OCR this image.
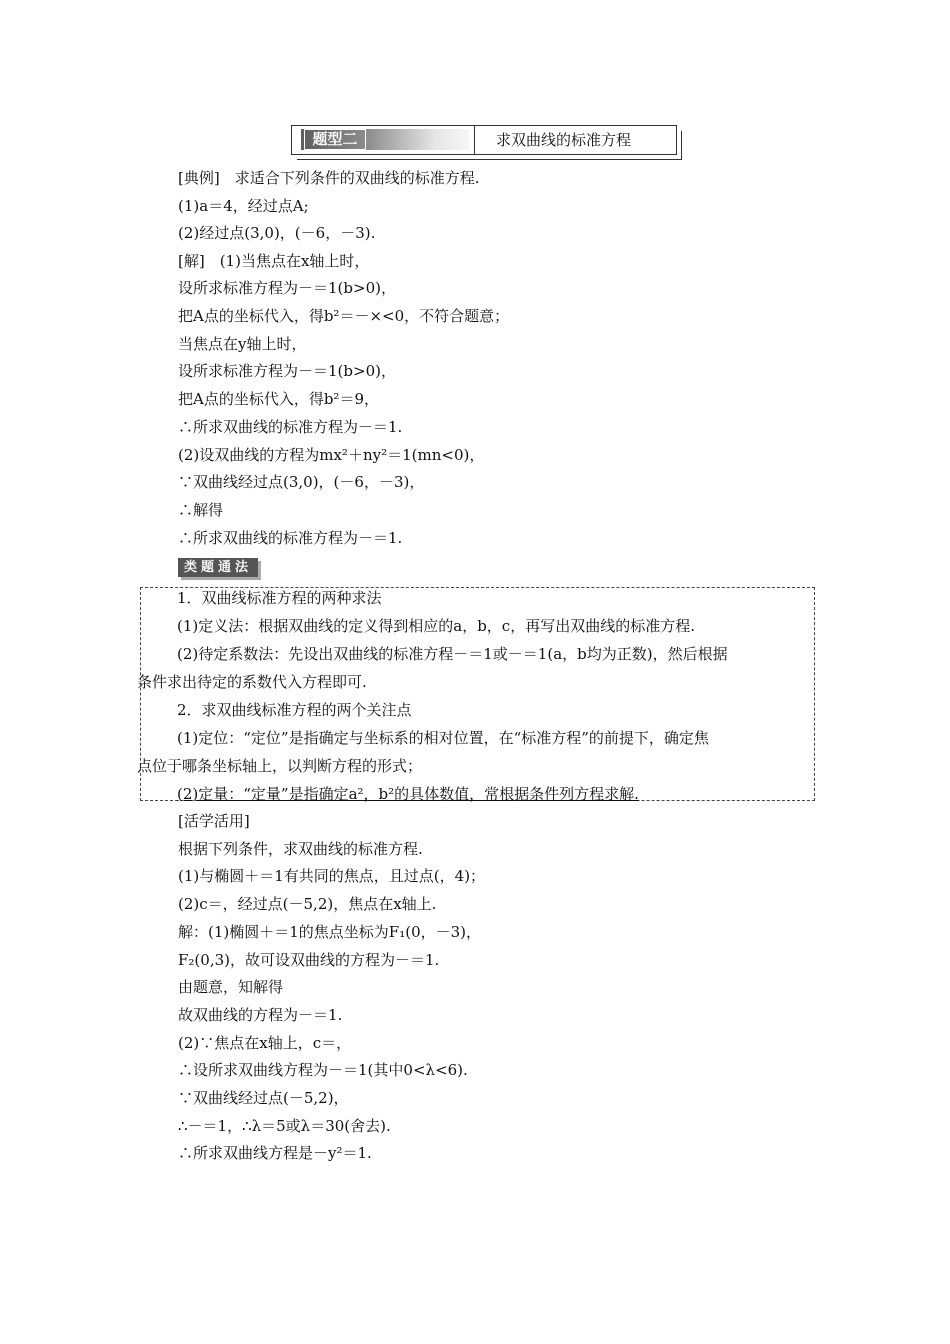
题型二	求双曲线的标准方程
[典例]　求适合下列条件的双曲线的标准方程.
(1)a＝4，经过点A;
(2)经过点(3,0)，(－6，－3).
[解]　(1)当焦点在x轴上时，
设所求标准方程为－＝1(b>0)，
把A点的坐标代入，得b²＝－×<0，不符合题意；
当焦点在y轴上时，
设所求标准方程为－＝1(b>0)，
把A点的坐标代入，得b²＝9，
∴所求双曲线的标准方程为－＝1.
(2)设双曲线的方程为mx²＋ny²＝1(mn<0)，
∵双曲线经过点(3,0)，(－6，－3)，
∴解得
∴所求双曲线的标准方程为－＝1.
类题通法
1．双曲线标准方程的两种求法
(1)定义法：根据双曲线的定义得到相应的a，b，c，再写出双曲线的标准方程.
(2)待定系数法：先设出双曲线的标准方程－＝1或－＝1(a，b均为正数)，然后根据
条件求出待定的系数代入方程即可.
2．求双曲线标准方程的两个关注点
(1)定位：“定位”是指确定与坐标系的相对位置，在“标准方程”的前提下，确定焦
点位于哪条坐标轴上，以判断方程的形式；
(2)定量：“定量”是指确定a²，b²的具体数值，常根据条件列方程求解.
[活学活用]
根据下列条件，求双曲线的标准方程.
(1)与椭圆＋＝1有共同的焦点，且过点(，4)；
(2)c＝，经过点(－5,2)，焦点在x轴上.
解：(1)椭圆＋＝1的焦点坐标为F₁(0，－3)，
F₂(0,3)，故可设双曲线的方程为－＝1.
由题意，知解得
故双曲线的方程为－＝1.
(2)∵焦点在x轴上，c＝，
∴设所求双曲线方程为－＝1(其中0<λ<6).
∵双曲线经过点(－5,2)，
∴－＝1，∴λ＝5或λ＝30(舍去).
∴所求双曲线方程是－y²＝1.
